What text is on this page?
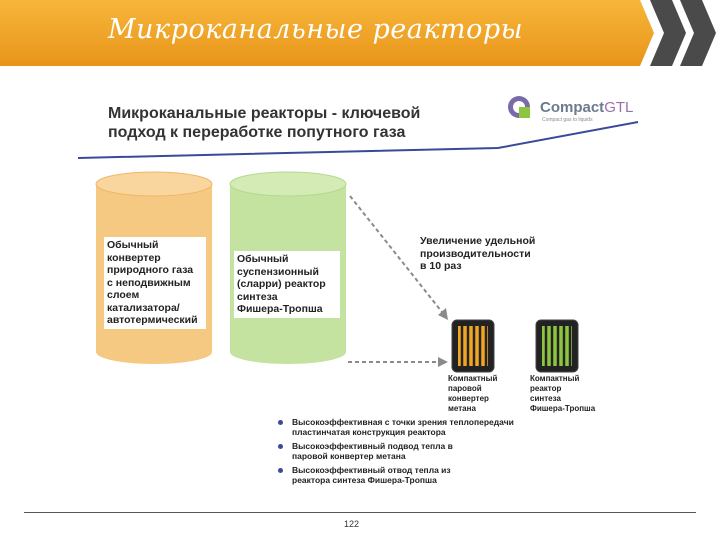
Микроканальные реакторы
Микроканальные реакторы - ключевой
подход к переработке попутного газа
CompactGTL
Сompact gas to liquids
Обычный
конвертер
природного газа
с неподвижным
слоем
катализатора/
автотермический
Обычный
суспензионный
(сларри) реактор
синтеза
Фишера-Тропша
Увеличение удельной
производительности
в 10 раз
Компактный
паровой
конвертер
метана
Компактный
реактор
синтеза
Фишера-Тропша
Высокоэффективная с точки зрения теплопередачи
пластинчатая конструкция реактора
Высокоэффективный подвод тепла в
паровой конвертер метана
Высокоэффективный отвод тепла из
реактора синтеза Фишера-Тропша
122
